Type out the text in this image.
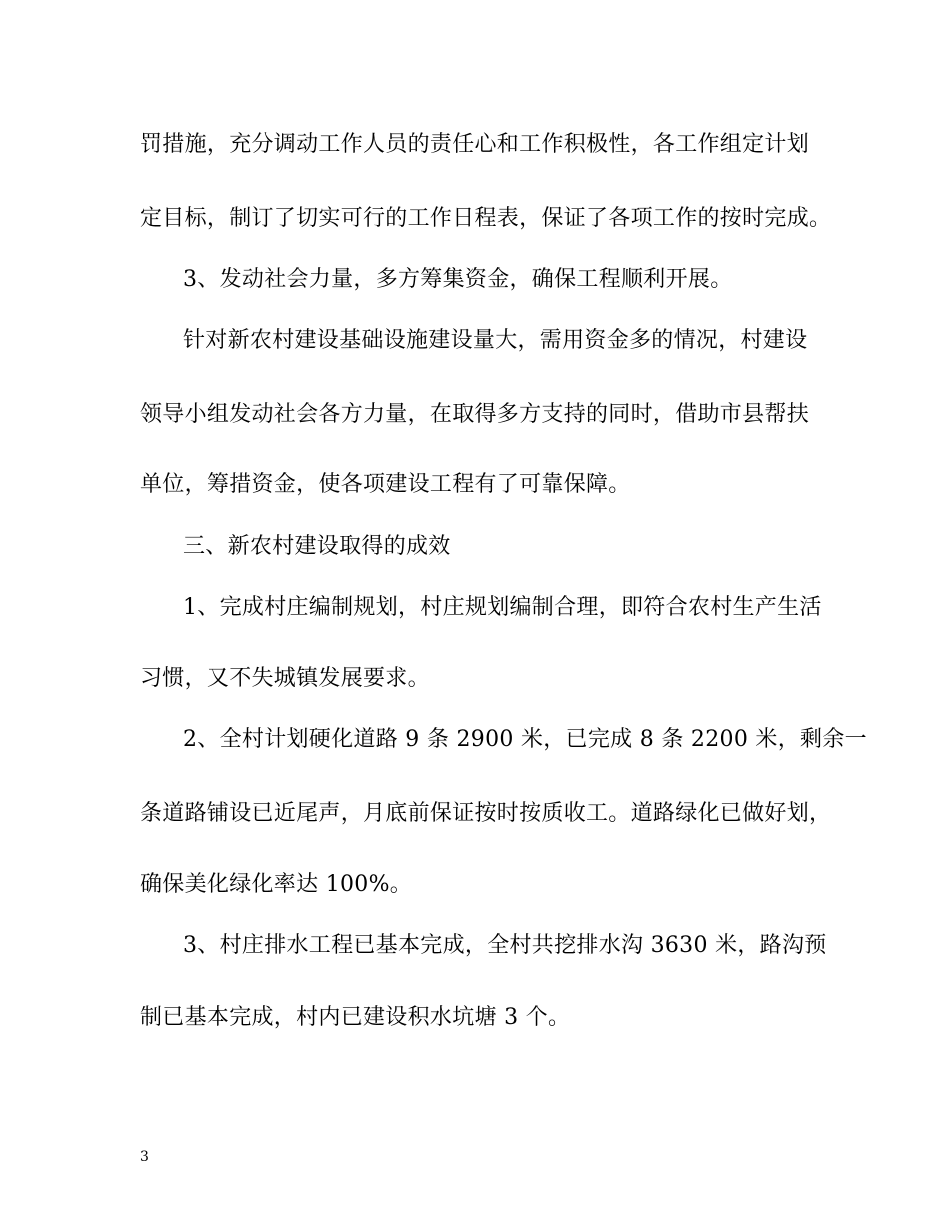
罚措施，充分调动工作人员的责任心和工作积极性，各工作组定计划
定目标，制订了切实可行的工作日程表，保证了各项工作的按时完成。
3、发动社会力量，多方筹集资金，确保工程顺利开展。
针对新农村建设基础设施建设量大，需用资金多的情况，村建设
领导小组发动社会各方力量，在取得多方支持的同时，借助市县帮扶
单位，筹措资金，使各项建设工程有了可靠保障。
三、新农村建设取得的成效
1、完成村庄编制规划，村庄规划编制合理，即符合农村生产生活
习惯，又不失城镇发展要求。
2、全村计划硬化道路 9 条 2900 米，已完成 8 条 2200 米，剩余一
条道路铺设已近尾声，月底前保证按时按质收工。道路绿化已做好划，
确保美化绿化率达 100%。
3、村庄排水工程已基本完成，全村共挖排水沟 3630 米，路沟预
制已基本完成，村内已建设积水坑塘 3 个。
3
